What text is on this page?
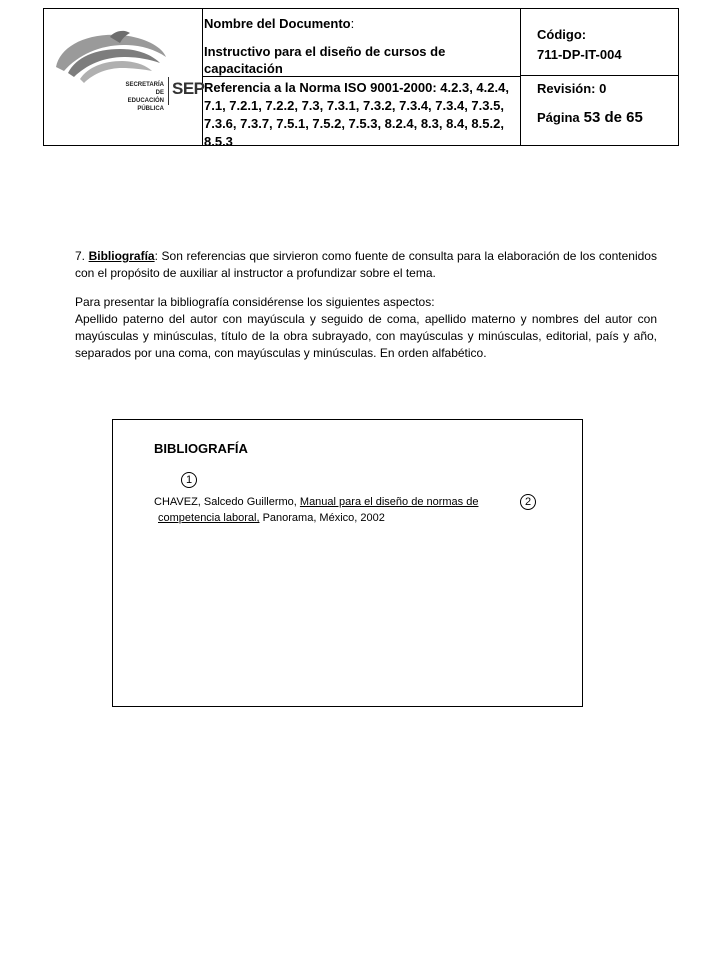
SECRETARÍA DE
EDUCACIÓN
PÚBLICA
SEP
Nombre del Documento:
Instructivo para el diseño de cursos de capacitación
Referencia a la Norma ISO 9001-2000: 4.2.3, 4.2.4, 7.1, 7.2.1, 7.2.2, 7.3, 7.3.1, 7.3.2, 7.3.4, 7.3.4, 7.3.5, 7.3.6, 7.3.7, 7.5.1, 7.5.2, 7.5.3, 8.2.4, 8.3, 8.4, 8.5.2, 8.5.3
Código:
711-DP-IT-004
Revisión: 0
Página 53 de 65

7. Bibliografía: Son referencias que sirvieron como fuente de consulta para la elaboración de los contenidos con el propósito de auxiliar al instructor a profundizar sobre el tema.

Para presentar la bibliografía considérense los siguientes aspectos:

Apellido paterno del autor con mayúscula y seguido de coma, apellido materno y nombres del autor con mayúsculas y minúsculas, título de la obra subrayado, con mayúsculas y minúsculas, editorial, país y año, separados por una coma, con mayúsculas y minúsculas. En orden alfabético.

BIBLIOGRAFÍA
1
CHAVEZ, Salcedo Guillermo, Manual para el diseño de normas de
competencia laboral, Panorama, México, 2002
2
